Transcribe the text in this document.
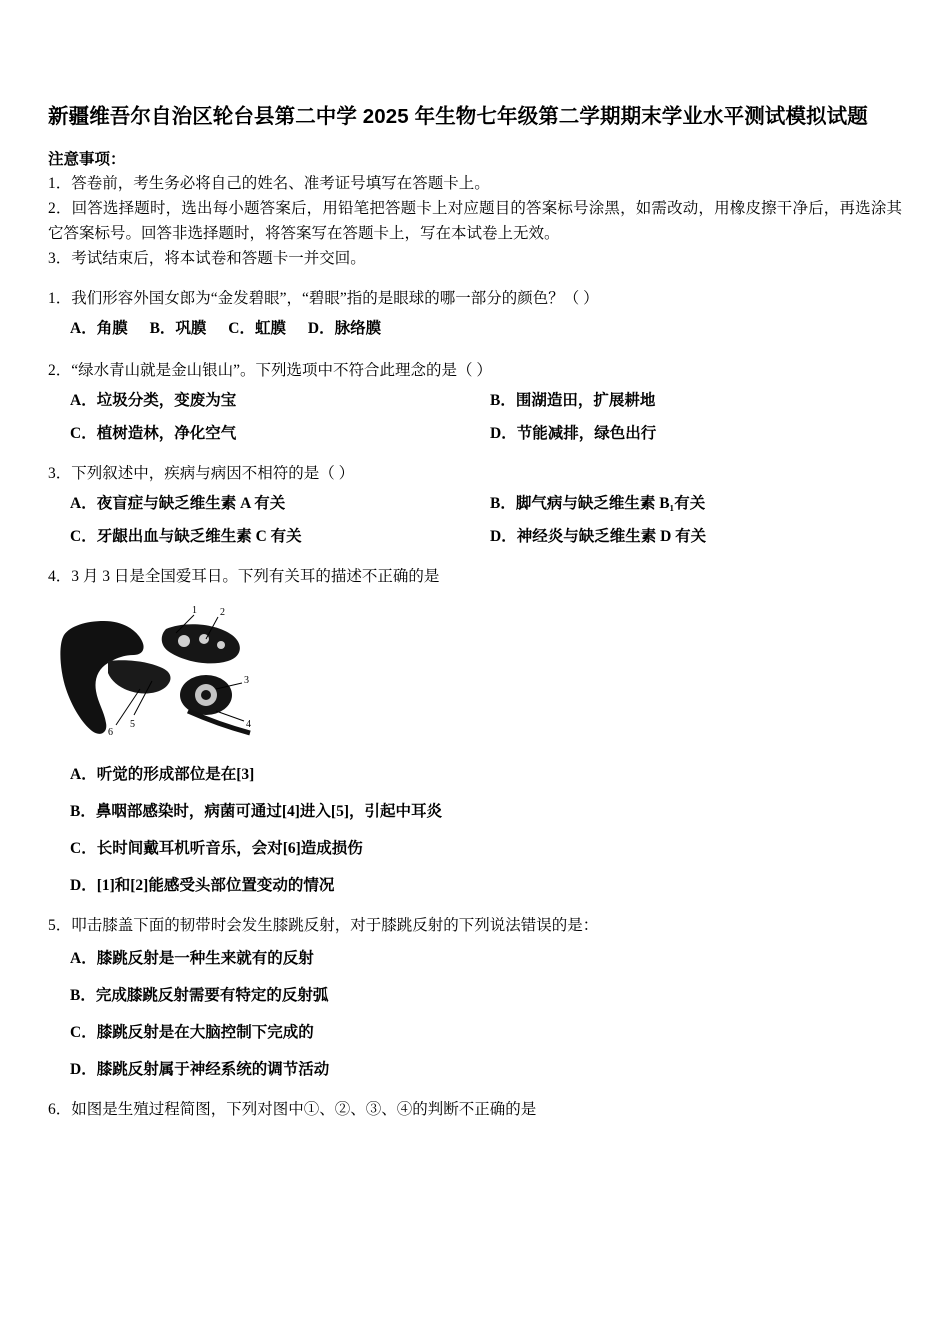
新疆维吾尔自治区轮台县第二中学 2025 年生物七年级第二学期期末学业水平测试模拟试题
注意事项：

1．答卷前，考生务必将自己的姓名、准考证号填写在答题卡上。

2．回答选择题时，选出每小题答案后，用铅笔把答题卡上对应题目的答案标号涂黑，如需改动，用橡皮擦干净后，再选涂其它答案标号。回答非选择题时，将答案写在答题卡上，写在本试卷上无效。

3．考试结束后，将本试卷和答题卡一并交回。

1．我们形容外国女郎为“金发碧眼”，“碧眼”指的是眼球的哪一部分的颜色？（ ）

A．角膜 B．巩膜 C．虹膜 D．脉络膜

2．“绿水青山就是金山银山”。下列选项中不符合此理念的是（ ）

A．垃圾分类，变废为宝	B．围湖造田，扩展耕地
C．植树造林，净化空气	D．节能减排，绿色出行

3．下列叙述中，疾病与病因不相符的是（ ）

A．夜盲症与缺乏维生素 A 有关	B．脚气病与缺乏维生素 B₁有关
C．牙龈出血与缺乏维生素 C 有关	D．神经炎与缺乏维生素 D 有关

4．3 月 3 日是全国爱耳日。下列有关耳的描述不正确的是

1 2
3
4
5
6
A．听觉的形成部位是在[3]
B．鼻咽部感染时，病菌可通过[4]进入[5]，引起中耳炎
C．长时间戴耳机听音乐，会对[6]造成损伤
D．[1]和[2]能感受头部位置变动的情况

5．叩击膝盖下面的韧带时会发生膝跳反射，对于膝跳反射的下列说法错误的是：

A．膝跳反射是一种生来就有的反射
B．完成膝跳反射需要有特定的反射弧
C．膝跳反射是在大脑控制下完成的
D．膝跳反射属于神经系统的调节活动

6．如图是生殖过程简图，下列对图中①、②、③、④的判断不正确的是
